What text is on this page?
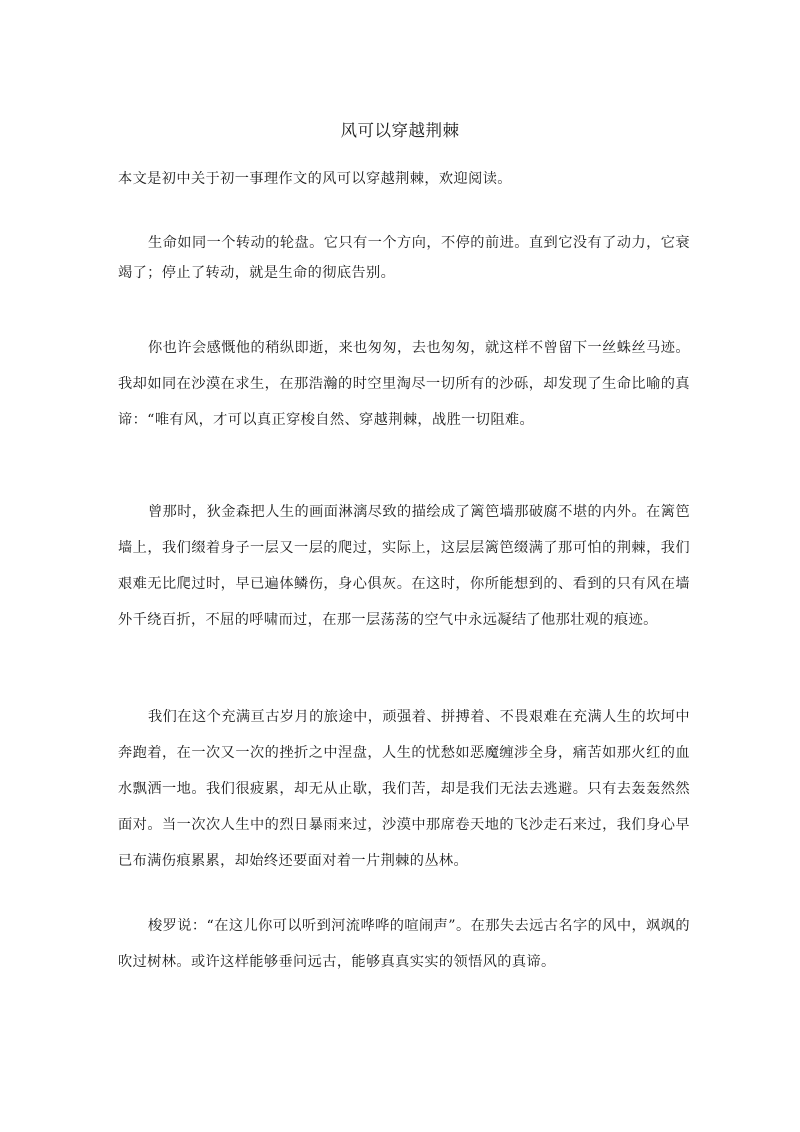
风可以穿越荆棘

本文是初中关于初一事理作文的风可以穿越荆棘，欢迎阅读。

生命如同一个转动的轮盘。它只有一个方向，不停的前进。直到它没有了动力，它衰竭了；停止了转动，就是生命的彻底告别。

你也许会感慨他的稍纵即逝，来也匆匆，去也匆匆，就这样不曾留下一丝蛛丝马迹。我却如同在沙漠在求生，在那浩瀚的时空里淘尽一切所有的沙砾，却发现了生命比喻的真谛：“唯有风，才可以真正穿梭自然、穿越荆棘，战胜一切阻难。

曾那时，狄金森把人生的画面淋漓尽致的描绘成了篱笆墙那破腐不堪的内外。在篱笆墙上，我们缀着身子一层又一层的爬过，实际上，这层层篱笆缀满了那可怕的荆棘，我们艰难无比爬过时，早已遍体鳞伤，身心俱灰。在这时，你所能想到的、看到的只有风在墙外千绕百折，不屈的呼啸而过，在那一层荡荡的空气中永远凝结了他那壮观的痕迹。

我们在这个充满亘古岁月的旅途中，顽强着、拼搏着、不畏艰难在充满人生的坎坷中奔跑着，在一次又一次的挫折之中涅盘，人生的忧愁如恶魔缠涉全身，痛苦如那火红的血水飘洒一地。我们很疲累，却无从止歇，我们苦，却是我们无法去逃避。只有去轰轰然然面对。当一次次人生中的烈日暴雨来过，沙漠中那席卷天地的飞沙走石来过，我们身心早已布满伤痕累累，却始终还要面对着一片荆棘的丛林。

梭罗说：“在这儿你可以听到河流哗哗的喧闹声”。在那失去远古名字的风中，飒飒的吹过树林。或许这样能够垂问远古，能够真真实实的领悟风的真谛。
